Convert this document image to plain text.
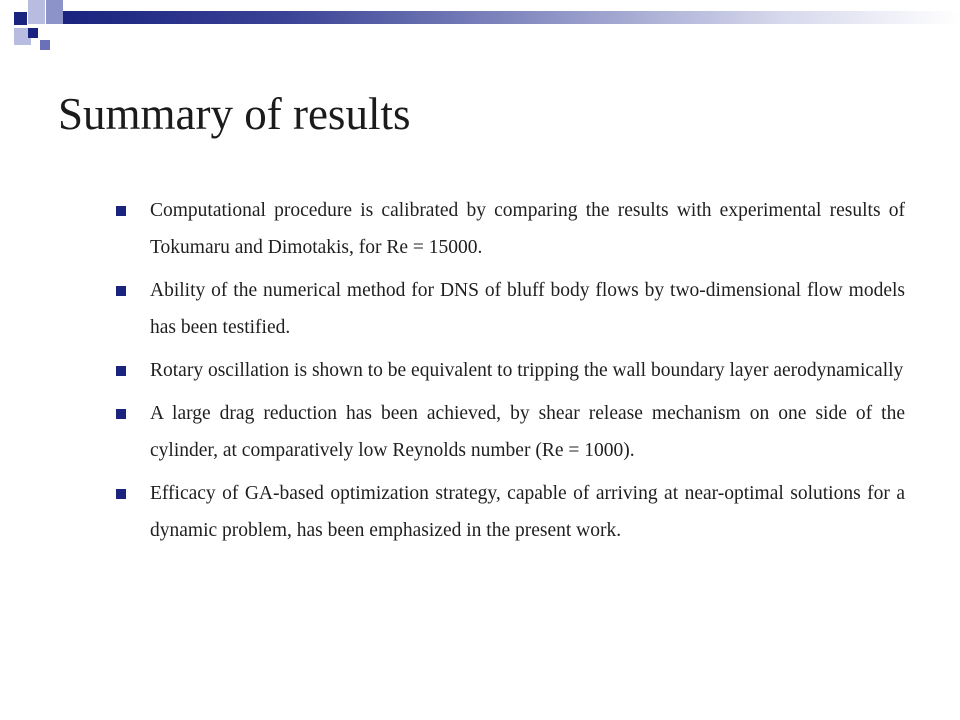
Summary of results
Computational procedure is calibrated by comparing the results with experimental results of Tokumaru and Dimotakis, for Re = 15000.
Ability of the numerical method for DNS of bluff body flows by two-dimensional flow models has been testified.
Rotary oscillation is shown to be equivalent to tripping the wall boundary layer aerodynamically
A large drag reduction has been achieved, by shear release mechanism on one side of the cylinder, at comparatively low Reynolds number (Re = 1000).
Efficacy of GA-based optimization strategy, capable of arriving at near-optimal solutions for a dynamic problem, has been emphasized in the present work.
